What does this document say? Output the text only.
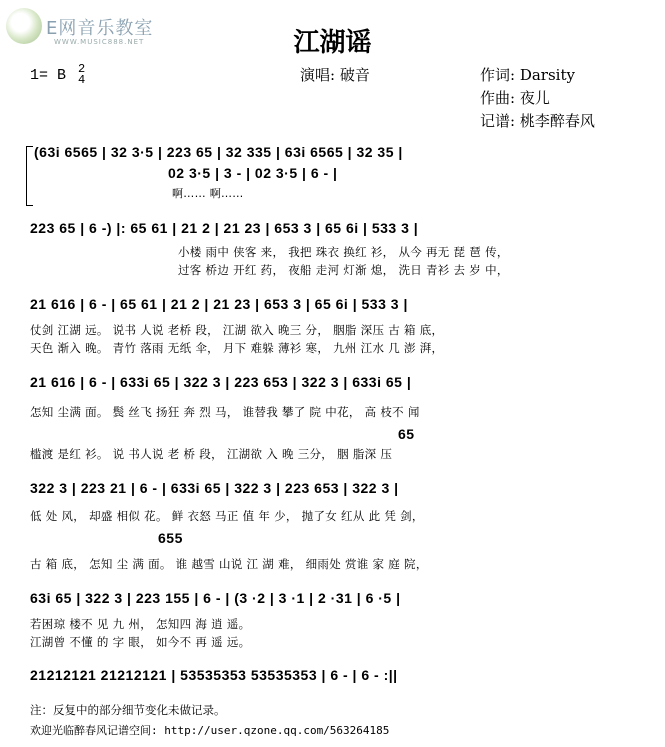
E网音乐教室
WWW.MUSIC888.NET	江湖谣
1= B 2
4	演唱: 破音	作词: Darsity
作曲: 夜儿
记谱: 桃李醉春风
(63i 6565 | 32 3·5 | 223 65 | 32 335 | 63i 6565 | 32 35 |
02 3·5 | 3 - | 02 3·5 | 6 - |
啊…… 啊……
223 65 | 6 -) |: 65 61 | 21 2 | 21 23 | 653 3 | 65 6i | 533 3 |
小楼 雨中 侠客 来， 我把 珠衣 换红 衫， 从今 再无 琵 琶 传，
过客 桥边 开红 药， 夜船 走河 灯渐 熄， 洗日 青衫 去 岁 中，
21 616 | 6 - | 65 61 | 21 2 | 21 23 | 653 3 | 65 6i | 533 3 |
仗剑 江湖 远。 说书 人说 老桥 段， 江湖 欲入 晚三 分， 胭脂 深压 古 箱 底，
天色 渐入 晚。 青竹 落雨 无纸 伞， 月下 难躲 薄衫 寒， 九州 江水 几 澎 湃，
21 616 | 6 - | 633i 65 | 322 3 | 223 653 | 322 3 | 633i 65 |
怎知 尘满 面。 鬓 丝飞 扬狂 奔 烈 马， 谁替我 攀了 院 中花， 高 枝不 闻
65
槛渡 是红 衫。 说 书人说 老 桥 段， 江湖欲 入 晚 三分， 胭 脂深 压
322 3 | 223 21 | 6 - | 633i 65 | 322 3 | 223 653 | 322 3 |
低 处 风， 却盛 相似 花。 鲜 衣怒 马正 值 年 少， 抛了女 红从 此 凭 剑，
655
古 箱 底， 怎知 尘 满 面。 谁 越雪 山说 江 湖 难， 细雨处 赏谁 家 庭 院，
63i 65 | 322 3 | 223 155 | 6 - | (3 ·2 | 3 ·1 | 2 ·31 | 6 ·5 |
若困琼 楼不 见 九 州， 怎知四 海 逍 遥。
江湖曾 不懂 的 字 眼， 如今不 再 遥 远。
21212121 21212121 | 53535353 53535353 | 6 - | 6 - :||
注：反复中的部分细节变化未做记录。
欢迎光临醉春风记谱空间: http://user.qzone.qq.com/563264185
